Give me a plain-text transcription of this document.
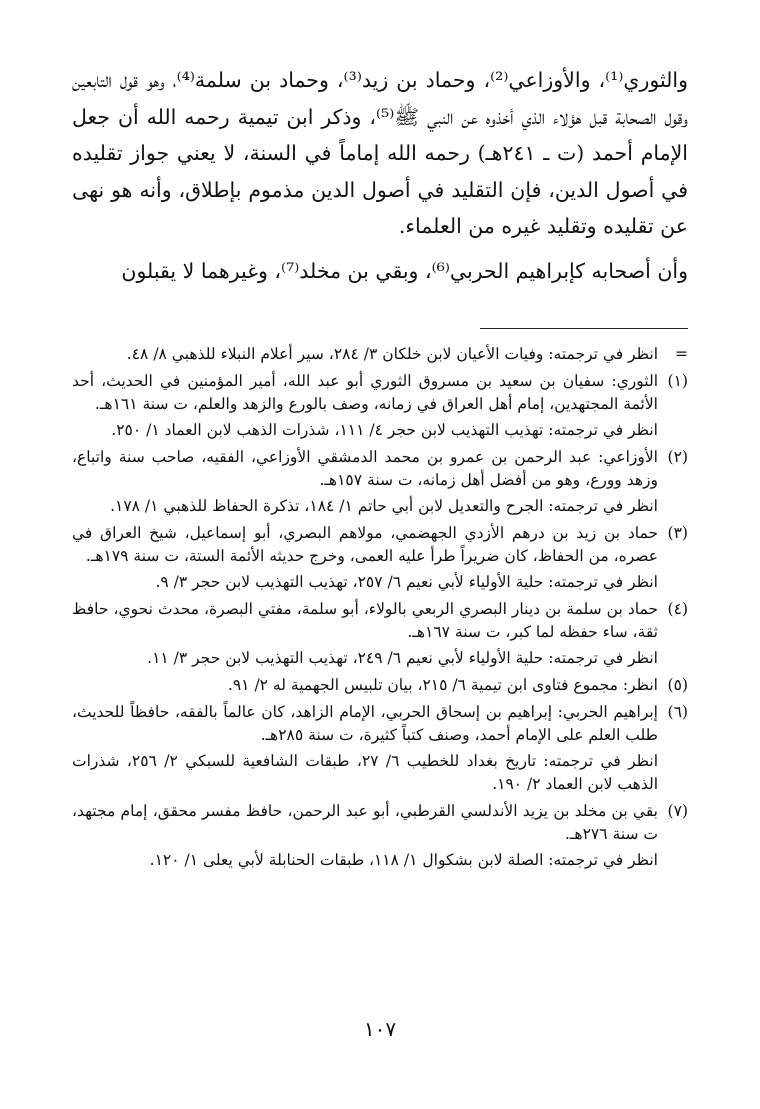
والثوري⁽¹⁾، والأوزاعي⁽²⁾، وحماد بن زيد⁽³⁾، وحماد بن سلمة⁽⁴⁾، وهو قول التابعين وقول الصحابة قبل هؤلاء الذي أخذوه عن النبي ﷺ⁽⁵⁾، وذكر ابن تيمية رحمه الله أن جعل الإمام أحمد (ت ـ ٢٤١هـ) رحمه الله إماماً في السنة، لا يعني جواز تقليده في أصول الدين، فإن التقليد في أصول الدين مذموم بإطلاق، وأنه هو نهى عن تقليده وتقليد غيره من العلماء.

وأن أصحابه كإبراهيم الحربي⁽⁶⁾، وبقي بن مخلد⁽⁷⁾، وغيرهما لا يقبلون

=
انظر في ترجمته: وفيات الأعيان لابن خلكان ٣/ ٢٨٤، سير أعلام النبلاء للذهبي ٨/ ٤٨.
(١)
الثوري: سفيان بن سعيد بن مسروق الثوري أبو عبد الله، أمير المؤمنين في الحديث، أحد الأئمة المجتهدين، إمام أهل العراق في زمانه، وصف بالورع والزهد والعلم، ت سنة ١٦١هـ.
انظر في ترجمته: تهذيب التهذيب لابن حجر ٤/ ١١١، شذرات الذهب لابن العماد ١/ ٢٥٠.
(٢)
الأوزاعي: عبد الرحمن بن عمرو بن محمد الدمشقي الأوزاعي، الفقيه، صاحب سنة واتباع، وزهد وورع، وهو من أفضل أهل زمانه، ت سنة ١٥٧هـ.
انظر في ترجمته: الجرح والتعديل لابن أبي حاتم ١/ ١٨٤، تذكرة الحفاظ للذهبي ١/ ١٧٨.
(٣)
حماد بن زيد بن درهم الأزدي الجهضمي، مولاهم البصري، أبو إسماعيل، شيخ العراق في عصره، من الحفاظ، كان ضريراً طرأ عليه العمى، وخرج حديثه الأئمة الستة، ت سنة ١٧٩هـ.
انظر في ترجمته: حلية الأولياء لأبي نعيم ٦/ ٢٥٧، تهذيب التهذيب لابن حجر ٣/ ٩.
(٤)
حماد بن سلمة بن دينار البصري الربعي بالولاء، أبو سلمة، مفتي البصرة، محدث نحوي، حافظ ثقة، ساء حفظه لما كبر، ت سنة ١٦٧هـ.
انظر في ترجمته: حلية الأولياء لأبي نعيم ٦/ ٢٤٩، تهذيب التهذيب لابن حجر ٣/ ١١.
(٥)
انظر: مجموع فتاوى ابن تيمية ٦/ ٢١٥، بيان تلبيس الجهمية له ٢/ ٩١.
(٦)
إبراهيم الحربي: إبراهيم بن إسحاق الحربي، الإمام الزاهد، كان عالماً بالفقه، حافظاً للحديث، طلب العلم على الإمام أحمد، وصنف كتباً كثيرة، ت سنة ٢٨٥هـ.
انظر في ترجمته: تاريخ بغداد للخطيب ٦/ ٢٧، طبقات الشافعية للسبكي ٢/ ٢٥٦، شذرات الذهب لابن العماد ٢/ ١٩٠.
(٧)
بقي بن مخلد بن يزيد الأندلسي القرطبي، أبو عبد الرحمن، حافظ مفسر محقق، إمام مجتهد، ت سنة ٢٧٦هـ.
انظر في ترجمته: الصلة لابن بشكوال ١/ ١١٨، طبقات الحنابلة لأبي يعلى ١/ ١٢٠.
١٠٧
